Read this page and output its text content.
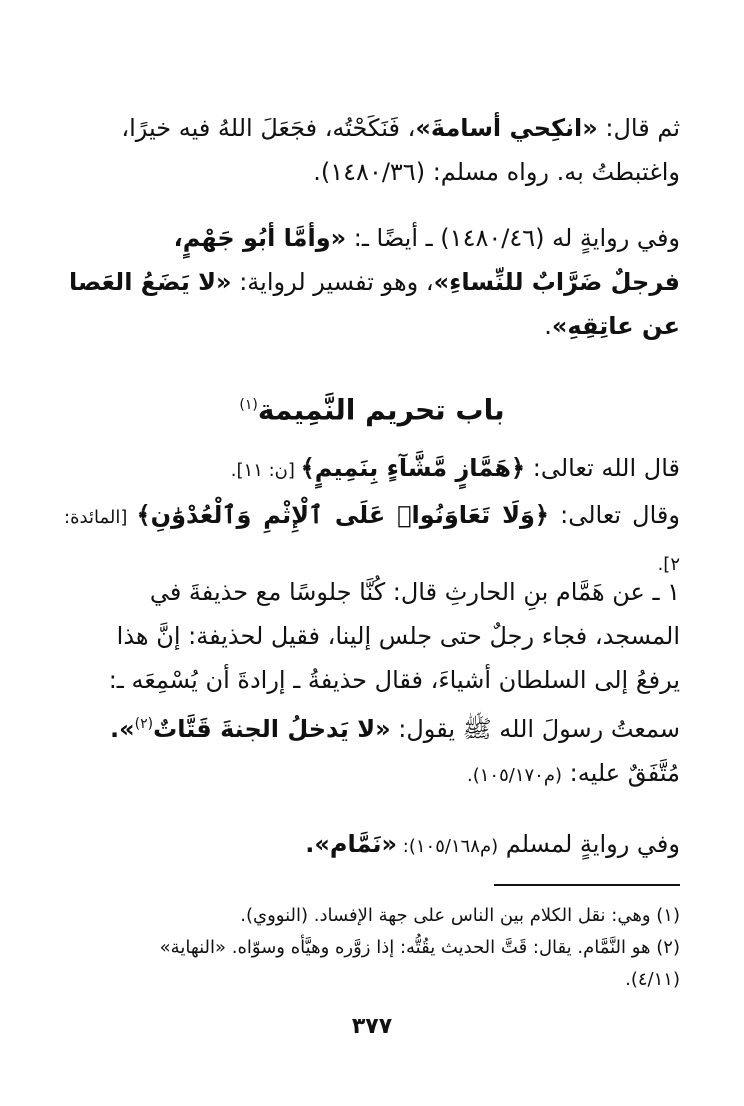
ثم قال: «انكِحي أسامةَ»، فَنَكَحْتُه، فجَعَلَ اللهُ فيه خيرًا،
واغتبطتُ به. رواه مسلم: (١٤٨٠/٣٦).
وفي روايةٍ له (١٤٨٠/٤٦) ـ أيضًا ـ: «وأمَّا أبُو جَهْمٍ،
فرجلٌ ضَرَّابٌ للنِّساءِ»، وهو تفسير لرواية: «لا يَضَعُ العَصا
عن عاتِقِهِ».
باب تحريم النَّمِيمة$^{(١)}$
قال الله تعالى: ﴿هَمَّازٍ مَّشَّآءٍ بِنَمِيمٍ﴾ [ن: ١١].
وقال تعالى: ﴿وَلَا تَعَاوَنُوا۟ عَلَى ٱلْإِثْمِ وَٱلْعُدْوَٰنِ﴾ [المائدة: ٢].
١ ـ عن هَمَّام بنِ الحارثِ قال: كُنَّا جلوسًا مع حذيفةَ في
المسجد، فجاء رجلٌ حتى جلس إلينا، فقيل لحذيفة: إنَّ هذا
يرفعُ إلى السلطان أشياءَ، فقال حذيفةُ ـ إرادةَ أن يُسْمِعَه ـ:
سمعتُ رسولَ الله ﷺ يقول: «لا يَدخلُ الجنةَ قَتَّاتٌ$^{(٢)}$».
مُتَّفَقٌ عليه: (م١٠٥/١٧٠).
وفي روايةٍ لمسلم (م١٠٥/١٦٨): «نَمَّام».
(١) وهي: نقل الكلام بين الناس على جهة الإفساد. (النووي).
(٢) هو النَّمَّام. يقال: قَتَّ الحديث يقُتُّه: إذا زوَّره وهيَّأه وسوّاه. «النهاية»
(٤/١١).
٣٧٧
